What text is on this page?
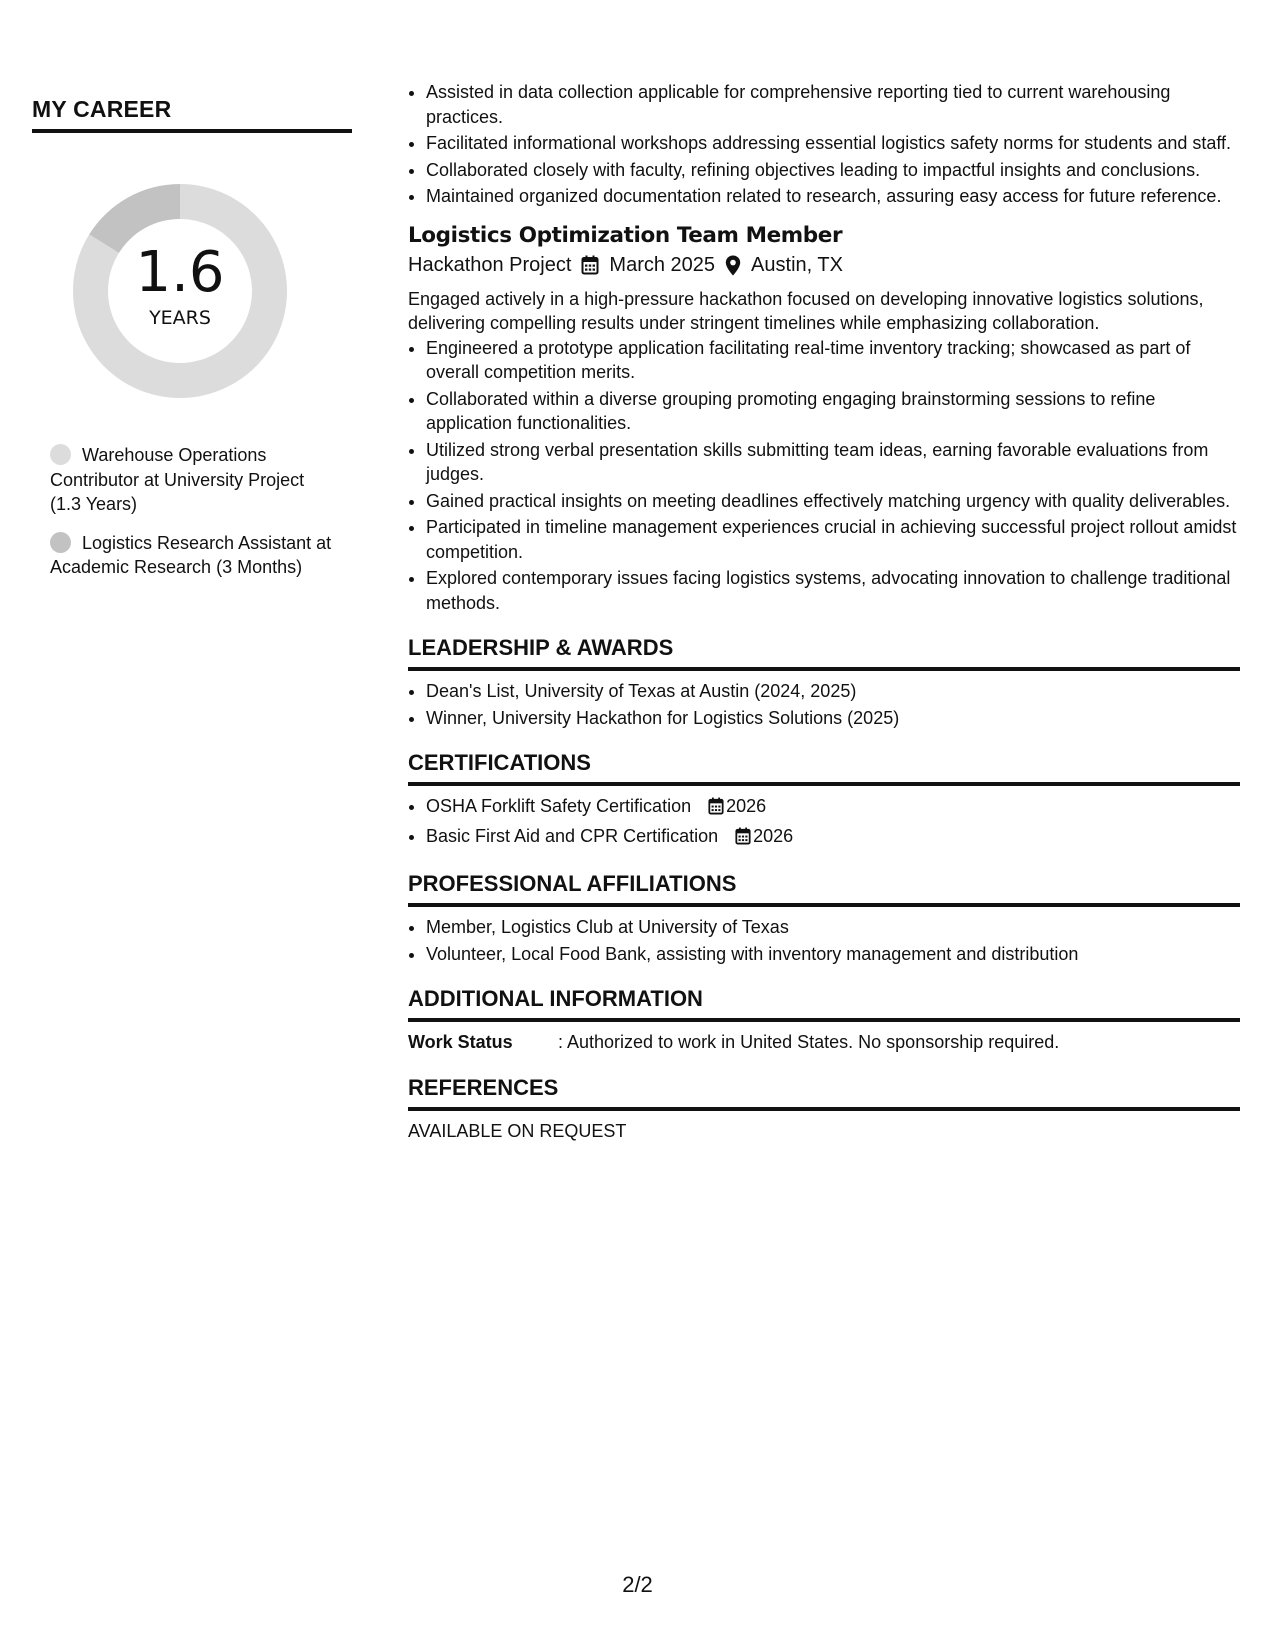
MY CAREER
1.6
YEARS
Warehouse Operations Contributor at University Project (1.3 Years)
Logistics Research Assistant at Academic Research (3 Months)
• Assisted in data collection applicable for comprehensive reporting tied to current warehousing practices.
• Facilitated informational workshops addressing essential logistics safety norms for students and staff.
• Collaborated closely with faculty, refining objectives leading to impactful insights and conclusions.
• Maintained organized documentation related to research, assuring easy access for future reference.
Logistics Optimization Team Member
Hackathon Project March 2025 Austin, TX

Engaged actively in a high-pressure hackathon focused on developing innovative logistics solutions, delivering compelling results under stringent timelines while emphasizing collaboration.

• Engineered a prototype application facilitating real-time inventory tracking; showcased as part of overall competition merits.
• Collaborated within a diverse grouping promoting engaging brainstorming sessions to refine application functionalities.
• Utilized strong verbal presentation skills submitting team ideas, earning favorable evaluations from judges.
• Gained practical insights on meeting deadlines effectively matching urgency with quality deliverables.
• Participated in timeline management experiences crucial in achieving successful project rollout amidst competition.
• Explored contemporary issues facing logistics systems, advocating innovation to challenge traditional methods.
LEADERSHIP & AWARDS
• Dean's List, University of Texas at Austin (2024, 2025)
• Winner, University Hackathon for Logistics Solutions (2025)
CERTIFICATIONS
• OSHA Forklift Safety Certification 2026
• Basic First Aid and CPR Certification 2026
PROFESSIONAL AFFILIATIONS
• Member, Logistics Club at University of Texas
• Volunteer, Local Food Bank, assisting with inventory management and distribution
ADDITIONAL INFORMATION
Work Status	: Authorized to work in United States. No sponsorship required.
REFERENCES

AVAILABLE ON REQUEST

2/2
